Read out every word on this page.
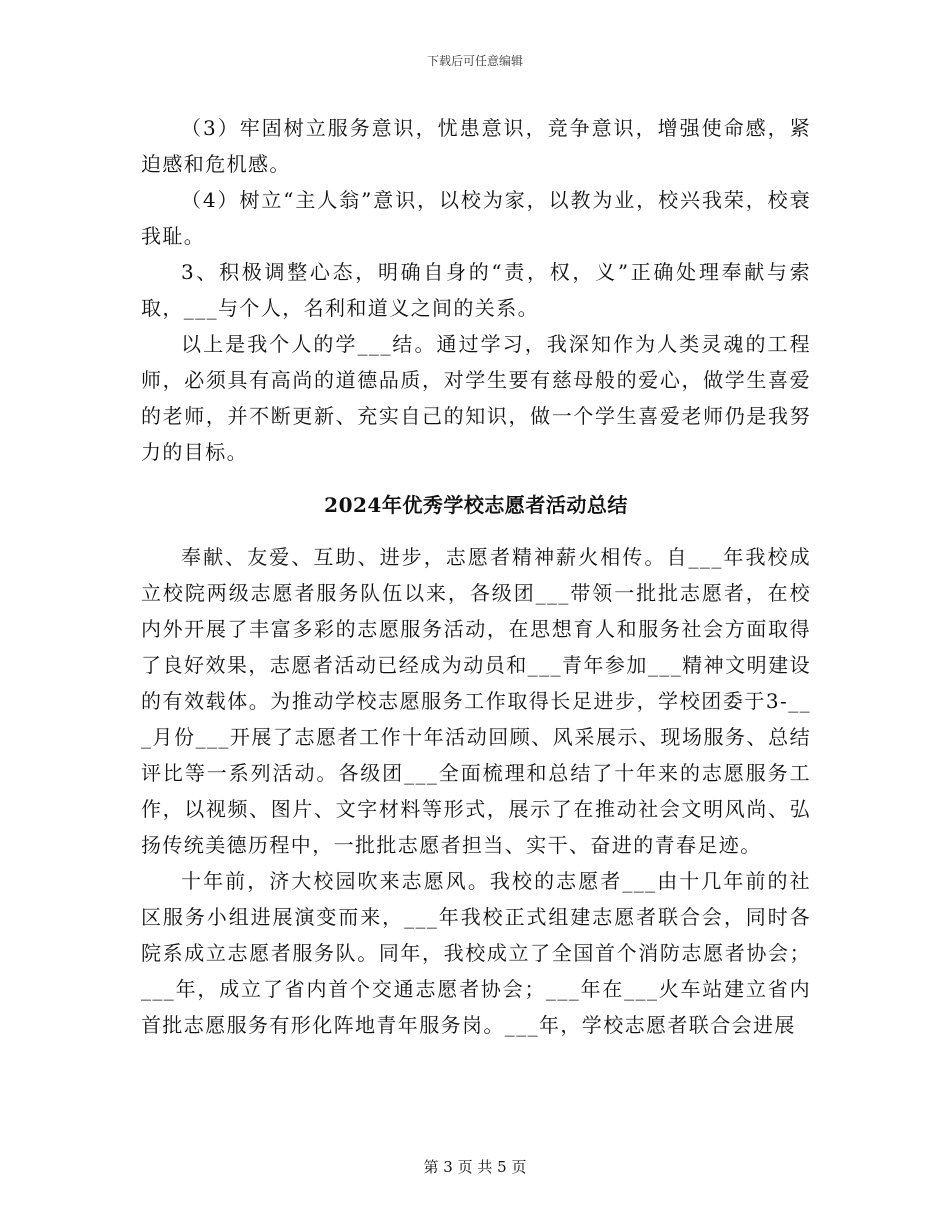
下载后可任意编辑

（3）牢固树立服务意识，忧患意识，竞争意识，增强使命感，紧迫感和危机感。

（4）树立“主人翁”意识，以校为家，以教为业，校兴我荣，校衰我耻。

3、积极调整心态，明确自身的“责，权，义”正确处理奉献与索取，___与个人，名利和道义之间的关系。

以上是我个人的学___结。通过学习，我深知作为人类灵魂的工程师，必须具有高尚的道德品质，对学生要有慈母般的爱心，做学生喜爱的老师，并不断更新、充实自己的知识，做一个学生喜爱老师仍是我努力的目标。

2024年优秀学校志愿者活动总结

奉献、友爱、互助、进步，志愿者精神薪火相传。自___年我校成立校院两级志愿者服务队伍以来，各级团___带领一批批志愿者，在校内外开展了丰富多彩的志愿服务活动，在思想育人和服务社会方面取得了良好效果，志愿者活动已经成为动员和___青年参加___精神文明建设的有效载体。为推动学校志愿服务工作取得长足进步，学校团委于3-___月份___开展了志愿者工作十年活动回顾、风采展示、现场服务、总结评比等一系列活动。各级团___全面梳理和总结了十年来的志愿服务工作，以视频、图片、文字材料等形式，展示了在推动社会文明风尚、弘扬传统美德历程中，一批批志愿者担当、实干、奋进的青春足迹。

十年前，济大校园吹来志愿风。我校的志愿者___由十几年前的社区服务小组进展演变而来，___年我校正式组建志愿者联合会，同时各院系成立志愿者服务队。同年，我校成立了全国首个消防志愿者协会；___年，成立了省内首个交通志愿者协会；___年在___火车站建立省内首批志愿服务有形化阵地青年服务岗。___年，学校志愿者联合会进展

第 3 页 共 5 页
